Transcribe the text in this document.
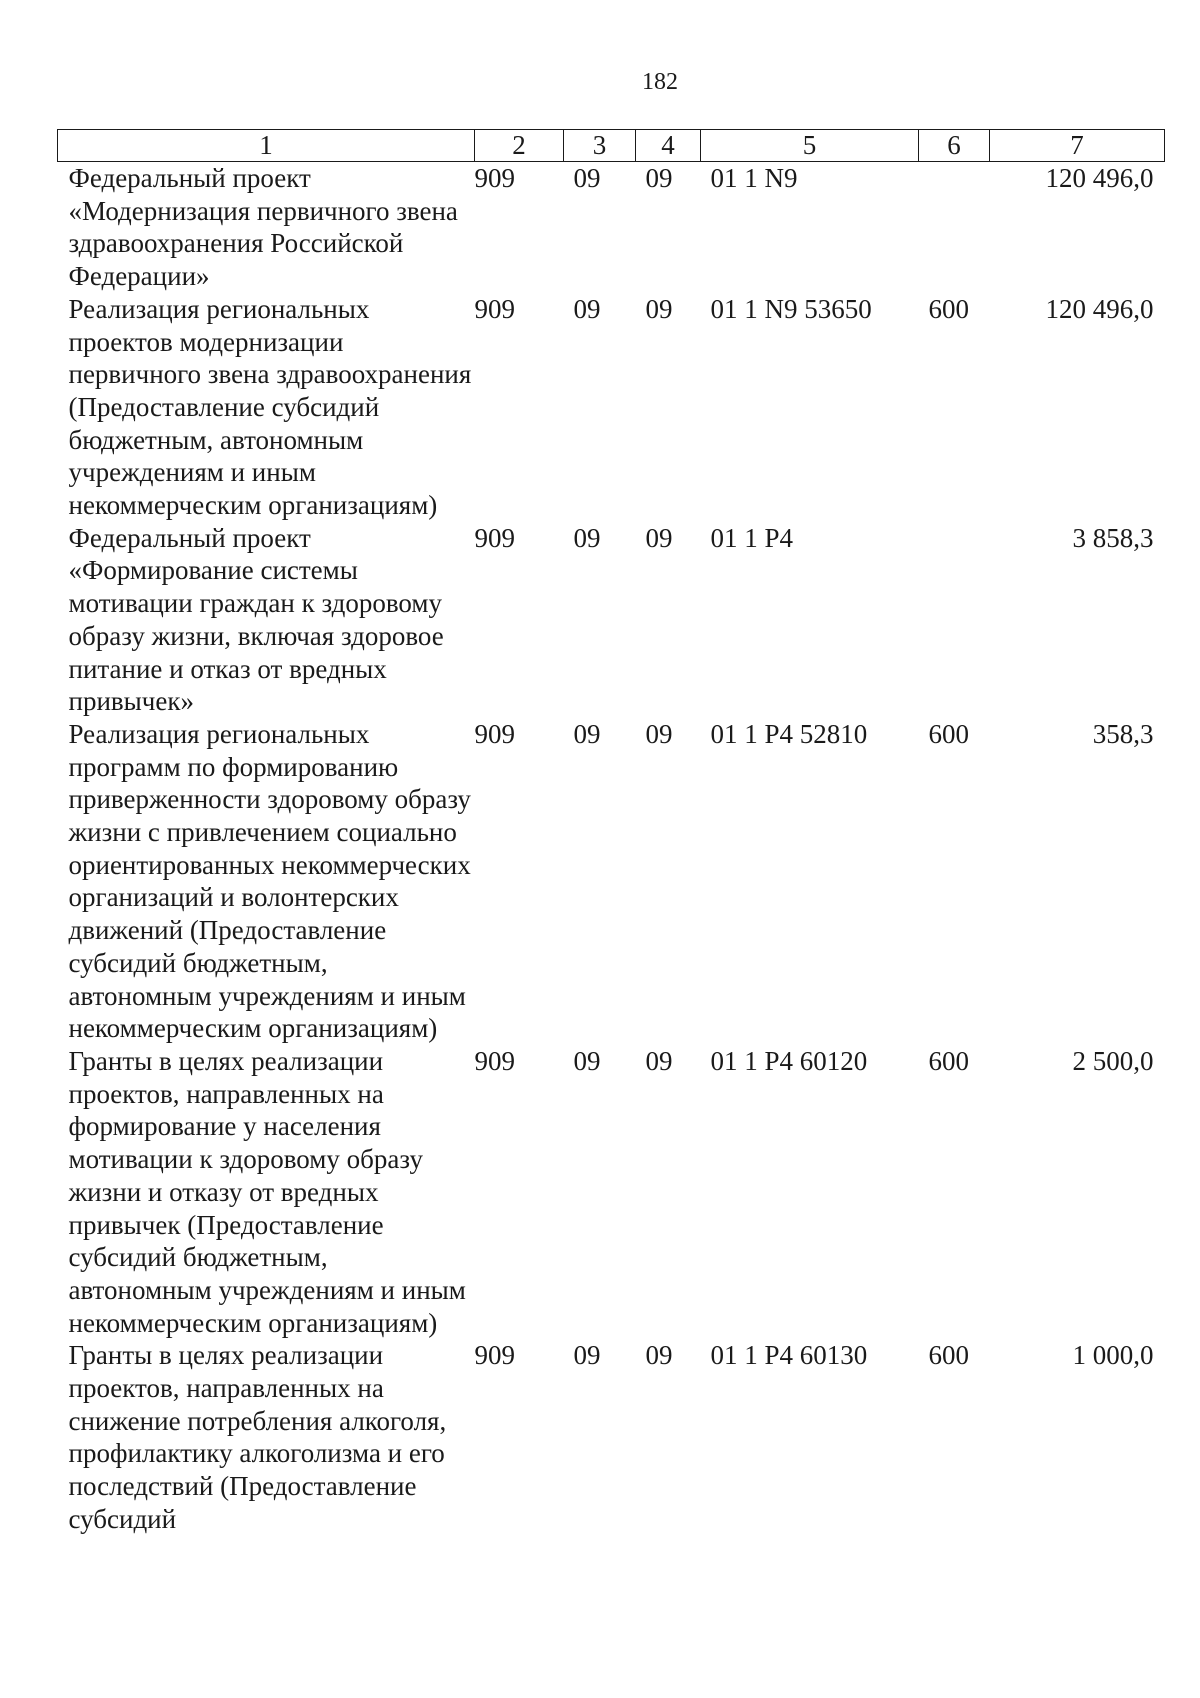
182
1	2	3	4	5	6	7
Федеральный проект «Модернизация первичного звена здравоохранения Российской Федерации»	909	09	09	01 1 N9		120 496,0
Реализация региональных проектов модернизации первичного звена здравоохранения (Предоставление субсидий бюджетным, автономным учреждениям и иным некоммерческим организациям)	909	09	09	01 1 N9 53650	600	120 496,0
Федеральный проект «Формирование системы мотивации граждан к здоровому образу жизни, включая здоровое питание и отказ от вредных привычек»	909	09	09	01 1 P4		3 858,3
Реализация региональных программ по формированию приверженности здоровому образу жизни с привлечением социально ориентированных некоммерческих организаций и волонтерских движений (Предоставление субсидий бюджетным, автономным учреждениям и иным некоммерческим организациям)	909	09	09	01 1 P4 52810	600	358,3
Гранты в целях реализации проектов, направленных на формирование у населения мотивации к здоровому образу жизни и отказу от вредных привычек (Предоставление субсидий бюджетным, автономным учреждениям и иным некоммерческим организациям)	909	09	09	01 1 P4 60120	600	2 500,0
Гранты в целях реализации проектов, направленных на снижение потребления алкоголя, профилактику алкоголизма и его последствий (Предоставление субсидий	909	09	09	01 1 P4 60130	600	1 000,0
